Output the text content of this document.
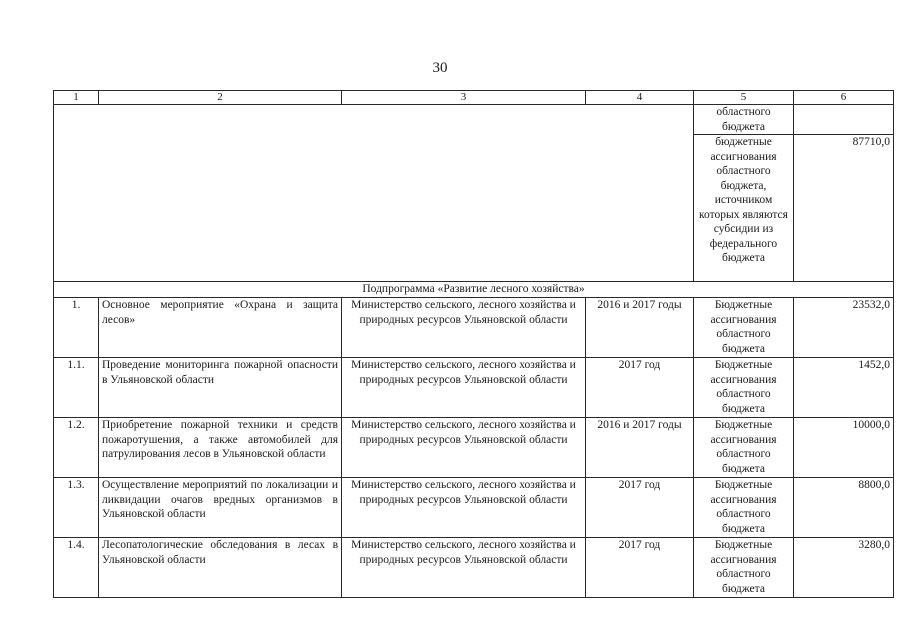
30
1	2	3	4	5	6
				областного бюджета	
				бюджетные ассигнования областного бюджета, источником которых являются субсидии из федерального бюджета	87710,0
Подпрограмма «Развитие лесного хозяйства»					
1.	Основное мероприятие «Охрана и защита лесов»	Министерство сельского, лесного хозяйства и природных ресурсов Ульяновской области	2016 и 2017 годы	Бюджетные ассигнования областного бюджета	23532,0
1.1.	Проведение мониторинга пожарной опасности в Ульяновской области	Министерство сельского, лесного хозяйства и природных ресурсов Ульяновской области	2017 год	Бюджетные ассигнования областного бюджета	1452,0
1.2.	Приобретение пожарной техники и средств пожаротушения, а также автомобилей для патрулирования лесов в Ульяновской области	Министерство сельского, лесного хозяйства и природных ресурсов Ульяновской области	2016 и 2017 годы	Бюджетные ассигнования областного бюджета	10000,0
1.3.	Осуществление мероприятий по локализации и ликвидации очагов вредных организмов в Ульяновской области	Министерство сельского, лесного хозяйства и природных ресурсов Ульяновской области	2017 год	Бюджетные ассигнования областного бюджета	8800,0
1.4.	Лесопатологические обследования в лесах в Ульяновской области	Министерство сельского, лесного хозяйства и природных ресурсов Ульяновской области	2017 год	Бюджетные ассигнования областного бюджета	3280,0
